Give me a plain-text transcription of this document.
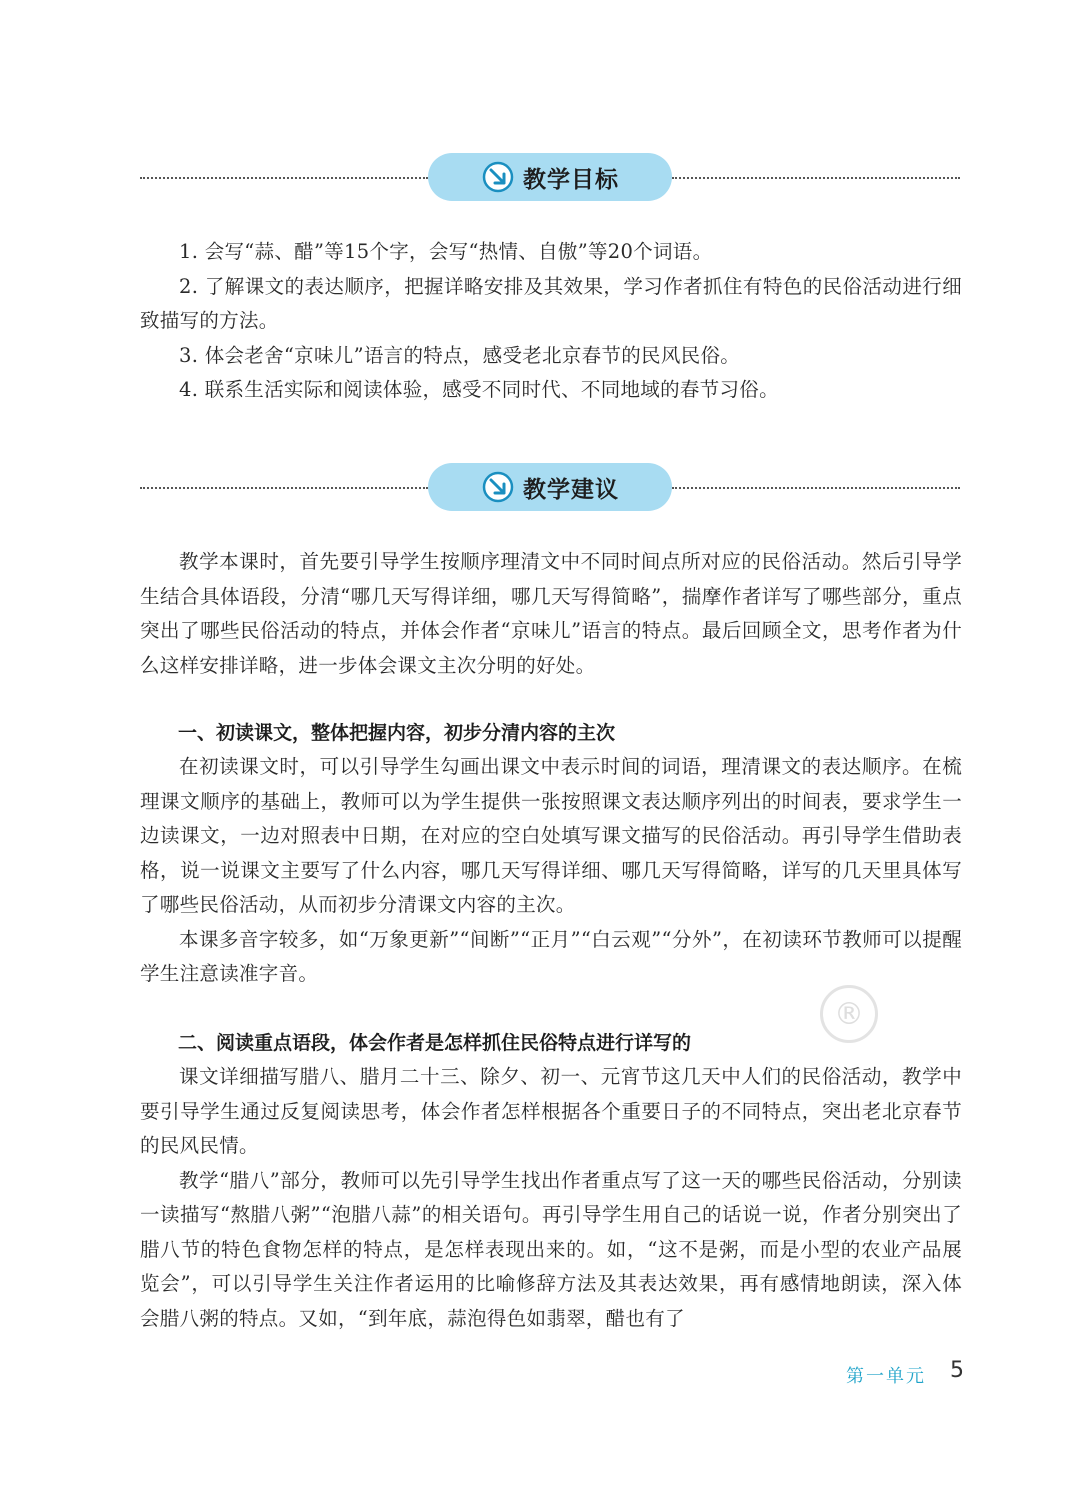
教学目标

1. 会写“蒜、醋”等15个字，会写“热情、自傲”等20个词语。

2. 了解课文的表达顺序，把握详略安排及其效果，学习作者抓住有特色的民俗活动进行细致描写的方法。

3. 体会老舍“京味儿”语言的特点，感受老北京春节的民风民俗。

4. 联系生活实际和阅读体验，感受不同时代、不同地域的春节习俗。

教学建议

教学本课时，首先要引导学生按顺序理清文中不同时间点所对应的民俗活动。然后引导学生结合具体语段，分清“哪几天写得详细，哪几天写得简略”，揣摩作者详写了哪些部分，重点突出了哪些民俗活动的特点，并体会作者“京味儿”语言的特点。最后回顾全文，思考作者为什么这样安排详略，进一步体会课文主次分明的好处。

一、初读课文，整体把握内容，初步分清内容的主次

在初读课文时，可以引导学生勾画出课文中表示时间的词语，理清课文的表达顺序。在梳理课文顺序的基础上，教师可以为学生提供一张按照课文表达顺序列出的时间表，要求学生一边读课文，一边对照表中日期，在对应的空白处填写课文描写的民俗活动。再引导学生借助表格，说一说课文主要写了什么内容，哪几天写得详细、哪几天写得简略，详写的几天里具体写了哪些民俗活动，从而初步分清课文内容的主次。

本课多音字较多，如“万象更新”“间断”“正月”“白云观”“分外”，在初读环节教师可以提醒学生注意读准字音。

二、阅读重点语段，体会作者是怎样抓住民俗特点进行详写的

课文详细描写腊八、腊月二十三、除夕、初一、元宵节这几天中人们的民俗活动，教学中要引导学生通过反复阅读思考，体会作者怎样根据各个重要日子的不同特点，突出老北京春节的民风民情。

教学“腊八”部分，教师可以先引导学生找出作者重点写了这一天的哪些民俗活动，分别读一读描写“熬腊八粥”“泡腊八蒜”的相关语句。再引导学生用自己的话说一说，作者分别突出了腊八节的特色食物怎样的特点，是怎样表现出来的。如，“这不是粥，而是小型的农业产品展览会”，可以引导学生关注作者运用的比喻修辞方法及其表达效果，再有感情地朗读，深入体会腊八粥的特点。又如，“到年底，蒜泡得色如翡翠，醋也有了

®
第一单元 5
